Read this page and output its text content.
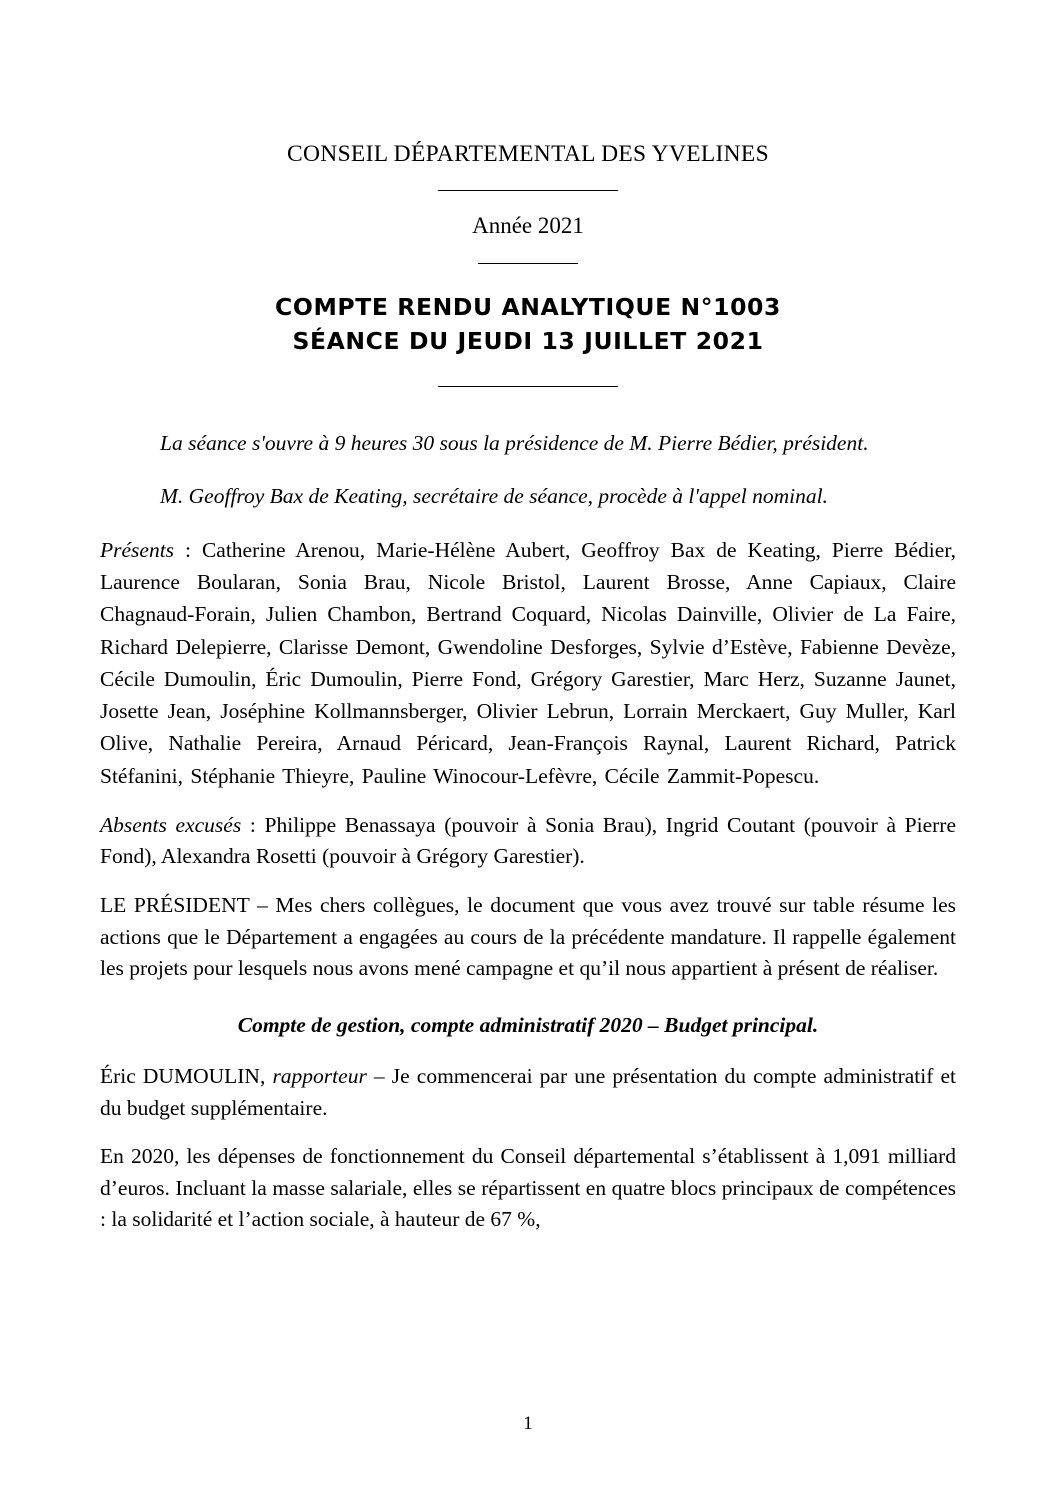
CONSEIL DÉPARTEMENTAL DES YVELINES
Année 2021
COMPTE RENDU ANALYTIQUE N°1003
SÉANCE DU JEUDI 13 JUILLET 2021

La séance s'ouvre à 9 heures 30 sous la présidence de M. Pierre Bédier, président.

M. Geoffroy Bax de Keating, secrétaire de séance, procède à l'appel nominal.

Présents : Catherine Arenou, Marie-Hélène Aubert, Geoffroy Bax de Keating, Pierre Bédier, Laurence Boularan, Sonia Brau, Nicole Bristol, Laurent Brosse, Anne Capiaux, Claire Chagnaud-Forain, Julien Chambon, Bertrand Coquard, Nicolas Dainville, Olivier de La Faire, Richard Delepierre, Clarisse Demont, Gwendoline Desforges, Sylvie d’Estève, Fabienne Devèze, Cécile Dumoulin, Éric Dumoulin, Pierre Fond, Grégory Garestier, Marc Herz, Suzanne Jaunet, Josette Jean, Joséphine Kollmannsberger, Olivier Lebrun, Lorrain Merckaert, Guy Muller, Karl Olive, Nathalie Pereira, Arnaud Péricard, Jean-François Raynal, Laurent Richard, Patrick Stéfanini, Stéphanie Thieyre, Pauline Winocour-Lefèvre, Cécile Zammit-Popescu.

Absents excusés : Philippe Benassaya (pouvoir à Sonia Brau), Ingrid Coutant (pouvoir à Pierre Fond), Alexandra Rosetti (pouvoir à Grégory Garestier).

LE PRÉSIDENT – Mes chers collègues, le document que vous avez trouvé sur table résume les actions que le Département a engagées au cours de la précédente mandature. Il rappelle également les projets pour lesquels nous avons mené campagne et qu’il nous appartient à présent de réaliser.

Compte de gestion, compte administratif 2020 – Budget principal.

Éric DUMOULIN, rapporteur – Je commencerai par une présentation du compte administratif et du budget supplémentaire.

En 2020, les dépenses de fonctionnement du Conseil départemental s’établissent à 1,091 milliard d’euros. Incluant la masse salariale, elles se répartissent en quatre blocs principaux de compétences : la solidarité et l’action sociale, à hauteur de 67 %,

1
